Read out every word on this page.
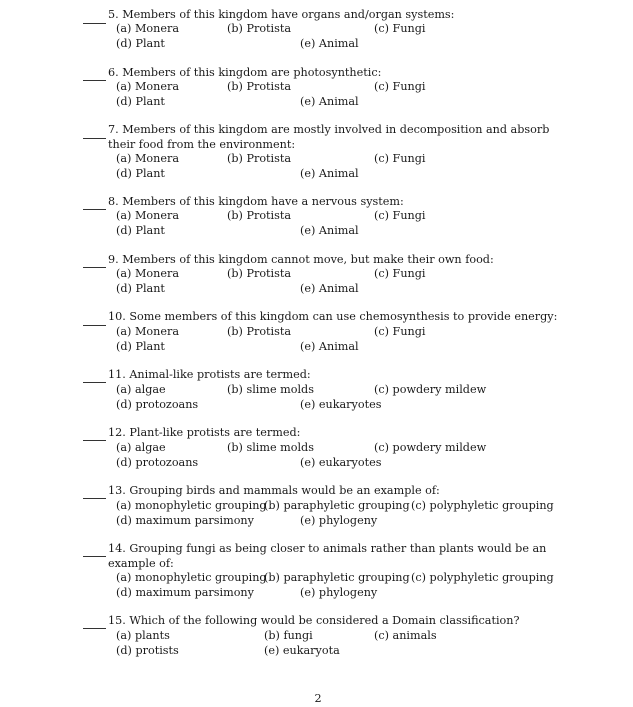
5. Members of this kingdom have organs and/organ systems:
(a) Monera	(b) Protista	(c) Fungi
(d) Plant	(e) Animal
6. Members of this kingdom are photosynthetic:
(a) Monera	(b) Protista	(c) Fungi
(d) Plant	(e) Animal
7. Members of this kingdom are mostly involved in decomposition and absorb their food from the environment:
(a) Monera	(b) Protista	(c) Fungi
(d) Plant	(e) Animal
8. Members of this kingdom have a nervous system:
(a) Monera	(b) Protista	(c) Fungi
(d) Plant	(e) Animal
9. Members of this kingdom cannot move, but make their own food:
(a) Monera	(b) Protista	(c) Fungi
(d) Plant	(e) Animal
10. Some members of this kingdom can use chemosynthesis to provide energy:
(a) Monera	(b) Protista	(c) Fungi
(d) Plant	(e) Animal
11. Animal-like protists are termed:
(a) algae	(b) slime molds	(c) powdery mildew
(d) protozoans	(e) eukaryotes
12. Plant-like protists are termed:
(a) algae	(b) slime molds	(c) powdery mildew
(d) protozoans	(e) eukaryotes
13. Grouping birds and mammals would be an example of:
(a) monophyletic grouping
(b) paraphyletic grouping (c) polyphyletic grouping
(d) maximum parsimony	(e) phylogeny
14. Grouping fungi as being closer to animals rather than plants would be an example of:
(a) monophyletic grouping
(b) paraphyletic grouping (c) polyphyletic grouping
(d) maximum parsimony	(e) phylogeny
15. Which of the following would be considered a Domain classification?
(a) plants	(b) fungi	(c) animals
(d) protists	(e) eukaryota
2
